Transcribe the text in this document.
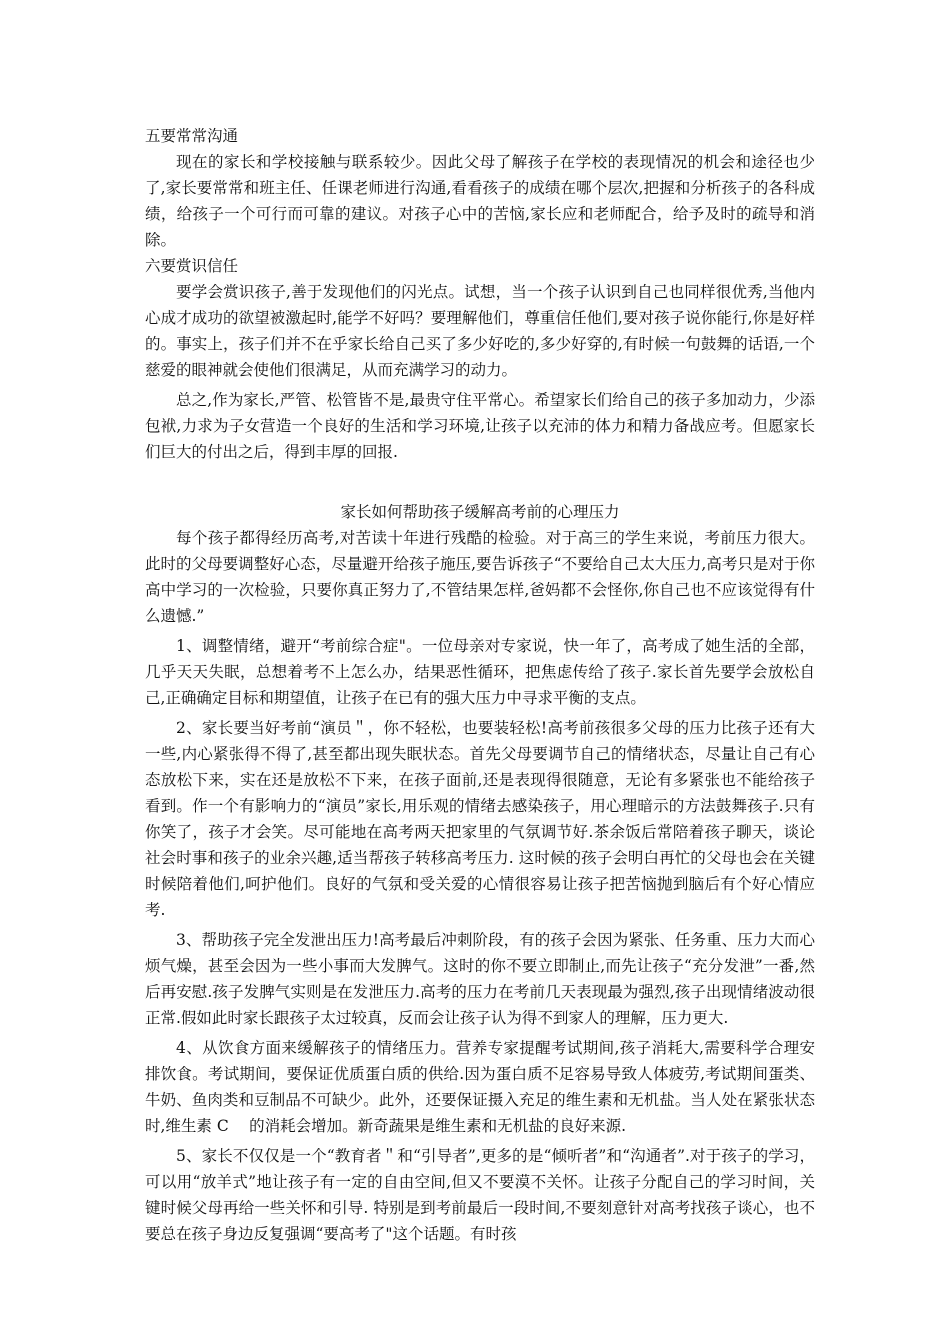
五要常常沟通

现在的家长和学校接触与联系较少。因此父母了解孩子在学校的表现情况的机会和途径也少了,家长要常常和班主任、任课老师进行沟通,看看孩子的成绩在哪个层次,把握和分析孩子的各科成绩，给孩子一个可行而可靠的建议。对孩子心中的苦恼,家长应和老师配合，给予及时的疏导和消除。

六要赏识信任

要学会赏识孩子,善于发现他们的闪光点。试想，当一个孩子认识到自己也同样很优秀,当他内心成才成功的欲望被激起时,能学不好吗？要理解他们，尊重信任他们,要对孩子说你能行,你是好样的。事实上，孩子们并不在乎家长给自己买了多少好吃的,多少好穿的,有时候一句鼓舞的话语,一个慈爱的眼神就会使他们很满足，从而充满学习的动力。

总之,作为家长,严管、松管皆不是,最贵守住平常心。希望家长们给自己的孩子多加动力，少添包袱,力求为子女营造一个良好的生活和学习环境,让孩子以充沛的体力和精力备战应考。但愿家长们巨大的付出之后，得到丰厚的回报.

家长如何帮助孩子缓解高考前的心理压力

每个孩子都得经历高考,对苦读十年进行残酷的检验。对于高三的学生来说，考前压力很大。此时的父母要调整好心态，尽量避开给孩子施压,要告诉孩子“不要给自己太大压力,高考只是对于你高中学习的一次检验，只要你真正努力了,不管结果怎样,爸妈都不会怪你,你自己也不应该觉得有什么遗憾.”

1、调整情绪，避开“考前综合症"。一位母亲对专家说，快一年了，高考成了她生活的全部，几乎天天失眠，总想着考不上怎么办，结果恶性循环，把焦虑传给了孩子.家长首先要学会放松自己,正确确定目标和期望值，让孩子在已有的强大压力中寻求平衡的支点。

2、家长要当好考前“演员＂，你不轻松，也要装轻松!高考前孩很多父母的压力比孩子还有大一些,内心紧张得不得了,甚至都出现失眠状态。首先父母要调节自己的情绪状态，尽量让自己有心态放松下来，实在还是放松不下来，在孩子面前,还是表现得很随意，无论有多紧张也不能给孩子看到。作一个有影响力的“演员”家长,用乐观的情绪去感染孩子，用心理暗示的方法鼓舞孩子.只有你笑了，孩子才会笑。尽可能地在高考两天把家里的气氛调节好.茶余饭后常陪着孩子聊天，谈论社会时事和孩子的业余兴趣,适当帮孩子转移高考压力. 这时候的孩子会明白再忙的父母也会在关键时候陪着他们,呵护他们。良好的气氛和受关爱的心情很容易让孩子把苦恼抛到脑后有个好心情应考.

3、帮助孩子完全发泄出压力!高考最后冲刺阶段，有的孩子会因为紧张、任务重、压力大而心烦气燥，甚至会因为一些小事而大发脾气。这时的你不要立即制止,而先让孩子“充分发泄”一番,然后再安慰.孩子发脾气实则是在发泄压力.高考的压力在考前几天表现最为强烈,孩子出现情绪波动很正常.假如此时家长跟孩子太过较真，反而会让孩子认为得不到家人的理解，压力更大.

4、从饮食方面来缓解孩子的情绪压力。营养专家提醒考试期间,孩子消耗大,需要科学合理安排饮食。考试期间，要保证优质蛋白质的供给.因为蛋白质不足容易导致人体疲劳,考试期间蛋类、牛奶、鱼肉类和豆制品不可缺少。此外，还要保证摄入充足的维生素和无机盐。当人处在紧张状态时,维生素 C　 的消耗会增加。新奇蔬果是维生素和无机盐的良好来源.

5、家长不仅仅是一个“教育者＂和“引导者”,更多的是“倾听者”和“沟通者”.对于孩子的学习，可以用“放羊式”地让孩子有一定的自由空间,但又不要漠不关怀。让孩子分配自己的学习时间，关键时候父母再给一些关怀和引导. 特别是到考前最后一段时间,不要刻意针对高考找孩子谈心，也不要总在孩子身边反复强调“要高考了"这个话题。有时孩
